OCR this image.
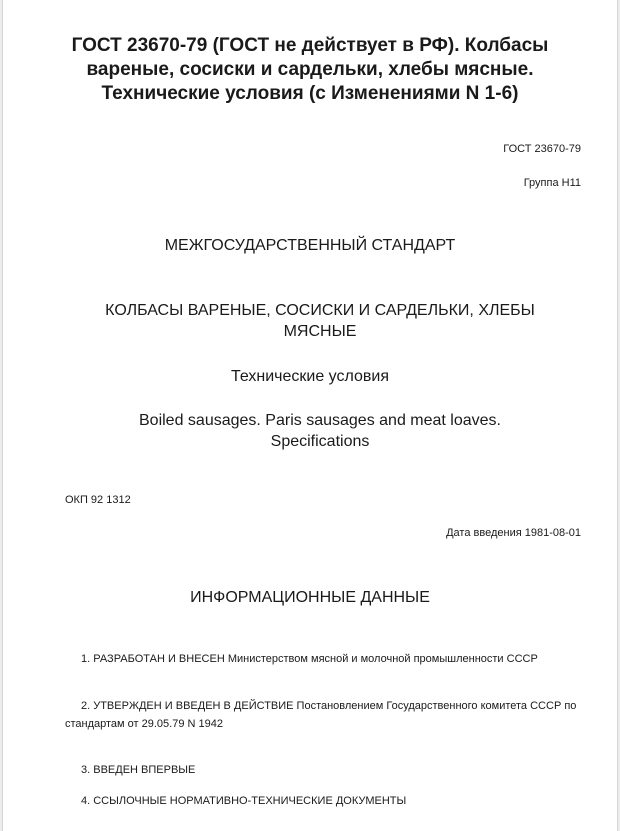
ГОСТ 23670-79 (ГОСТ не действует в РФ). Колбасы вареные, сосиски и сардельки, хлебы мясные. Технические условия (с Изменениями N 1-6)

ГОСТ 23670-79

Группа Н11

МЕЖГОСУДАРСТВЕННЫЙ СТАНДАРТ

КОЛБАСЫ ВАРЕНЫЕ, СОСИСКИ И САРДЕЛЬКИ, ХЛЕБЫ МЯСНЫЕ

Технические условия

Boiled sausages. Paris sausages and meat loaves. Specifications

ОКП 92 1312

Дата введения 1981-08-01

ИНФОРМАЦИОННЫЕ ДАННЫЕ

1. РАЗРАБОТАН И ВНЕСЕН Министерством мясной и молочной промышленности СССР

2. УТВЕРЖДЕН И ВВЕДЕН В ДЕЙСТВИЕ Постановлением Государственного комитета СССР по стандартам от 29.05.79 N 1942

3. ВВЕДЕН ВПЕРВЫЕ

4. ССЫЛОЧНЫЕ НОРМАТИВНО-ТЕХНИЧЕСКИЕ ДОКУМЕНТЫ
